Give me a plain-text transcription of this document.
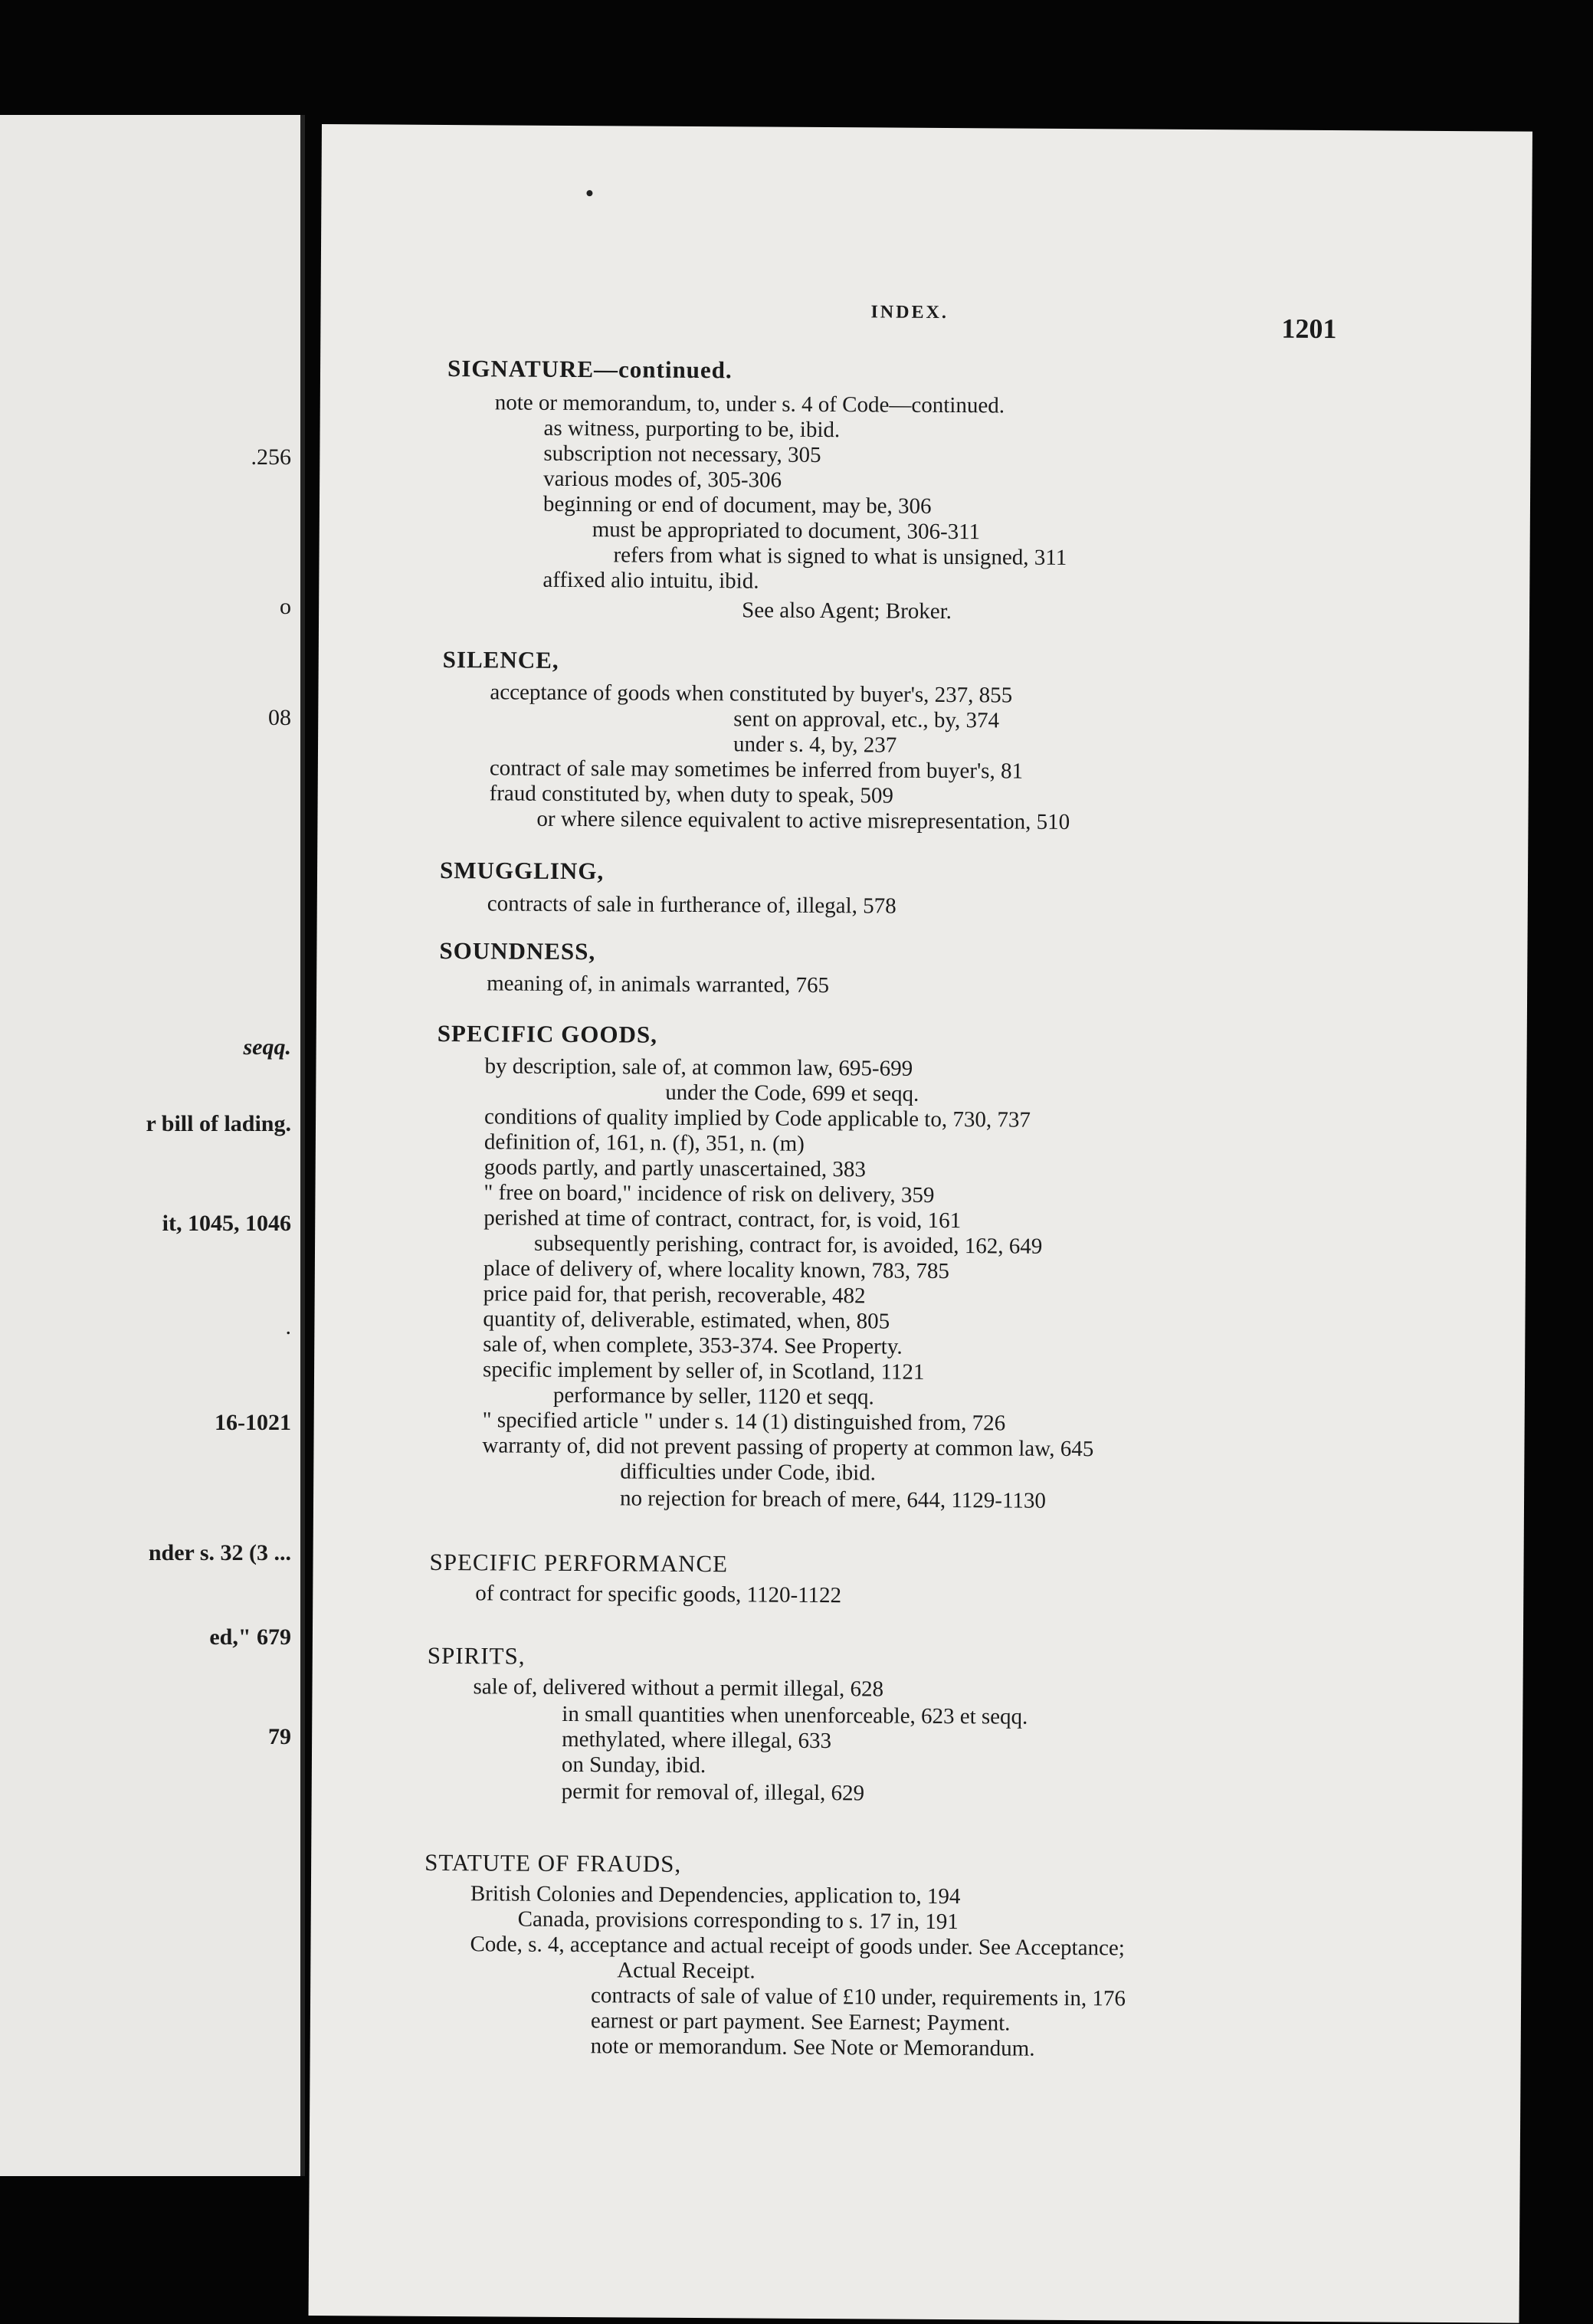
.256
o
08
seqq.
r bill of lading.
it, 1045, 1046
.
16-1021
nder s. 32 (3 ...
ed," 679
79
INDEX.
1201
SIGNATURE—continued.
note or memorandum, to, under s. 4 of Code—continued.
as witness, purporting to be, ibid.
subscription not necessary, 305
various modes of, 305-306
beginning or end of document, may be, 306
must be appropriated to document, 306-311
refers from what is signed to what is unsigned, 311
affixed alio intuitu, ibid.
See also Agent; Broker.
SILENCE,
acceptance of goods when constituted by buyer's, 237, 855
sent on approval, etc., by, 374
under s. 4, by, 237
contract of sale may sometimes be inferred from buyer's, 81
fraud constituted by, when duty to speak, 509
or where silence equivalent to active misrepresentation, 510
SMUGGLING,
contracts of sale in furtherance of, illegal, 578
SOUNDNESS,
meaning of, in animals warranted, 765
SPECIFIC GOODS,
by description, sale of, at common law, 695-699
under the Code, 699 et seqq.
conditions of quality implied by Code applicable to, 730, 737
definition of, 161, n. (f), 351, n. (m)
goods partly, and partly unascertained, 383
" free on board," incidence of risk on delivery, 359
perished at time of contract, contract, for, is void, 161
subsequently perishing, contract for, is avoided, 162, 649
place of delivery of, where locality known, 783, 785
price paid for, that perish, recoverable, 482
quantity of, deliverable, estimated, when, 805
sale of, when complete, 353-374. See Property.
specific implement by seller of, in Scotland, 1121
performance by seller, 1120 et seqq.
" specified article " under s. 14 (1) distinguished from, 726
warranty of, did not prevent passing of property at common law, 645
difficulties under Code, ibid.
no rejection for breach of mere, 644, 1129-1130
SPECIFIC PERFORMANCE
of contract for specific goods, 1120-1122
SPIRITS,
sale of, delivered without a permit illegal, 628
in small quantities when unenforceable, 623 et seqq.
methylated, where illegal, 633
on Sunday, ibid.
permit for removal of, illegal, 629
STATUTE OF FRAUDS,
British Colonies and Dependencies, application to, 194
Canada, provisions corresponding to s. 17 in, 191
Code, s. 4, acceptance and actual receipt of goods under. See Acceptance;
Actual Receipt.
contracts of sale of value of £10 under, requirements in, 176
earnest or part payment. See Earnest; Payment.
note or memorandum. See Note or Memorandum.
